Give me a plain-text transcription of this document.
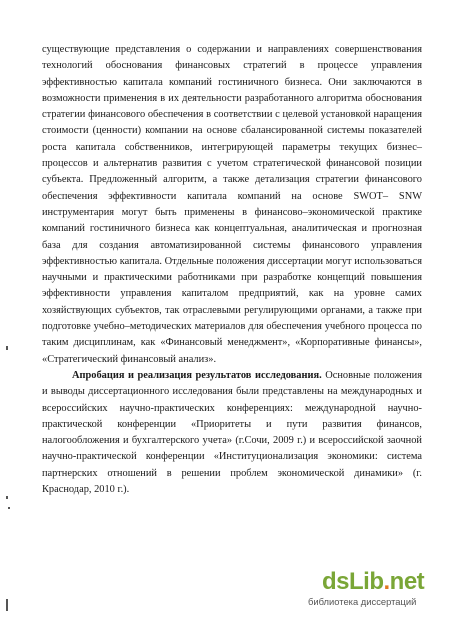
существующие представления о содержании и направлениях совершенствования технологий обоснования финансовых стратегий в процессе управления эффективностью капитала компаний гостиничного бизнеса. Они заключаются в возможности применения в их деятельности разработанного алгоритма обоснования стратегии финансового обеспечения в соответствии с целевой установкой наращения стоимости (ценности) компании на основе сбалансированной системы показателей роста капитала собственников, интегрирующей параметры текущих бизнес–процессов и альтернатив развития с учетом стратегической финансовой позиции субъекта. Предложенный алгоритм, а также детализация стратегии финансового обеспечения эффективности капитала компаний на основе SWOT– SNW инструментария могут быть применены в финансово–экономической практике компаний гостиничного бизнеса как концептуальная, аналитическая и прогнозная база для создания автоматизированной системы финансового управления эффективностью капитала. Отдельные положения диссертации могут использоваться научными и практическими работниками при разработке концепций повышения эффективности управления капиталом предприятий, как на уровне самих хозяйствующих субъектов, так отраслевыми регулирующими органами, а также при подготовке учебно–методических материалов для обеспечения учебного процесса по таким дисциплинам, как «Финансовый менеджмент», «Корпоративные финансы», «Стратегический финансовый анализ».

Апробация и реализация результатов исследования. Основные положения и выводы диссертационного исследования были представлены на международных и всероссийских научно-практических конференциях: международной научно-практической конференции «Приоритеты и пути развития финансов, налогообложения и бухгалтерского учета» (г.Сочи, 2009 г.) и всероссийской заочной научно-практической конференции «Институционализация экономики: система партнерских отношений в решении проблем экономической динамики» (г. Краснодар, 2010 г.).

dsLib.net
библиотека диссертаций
